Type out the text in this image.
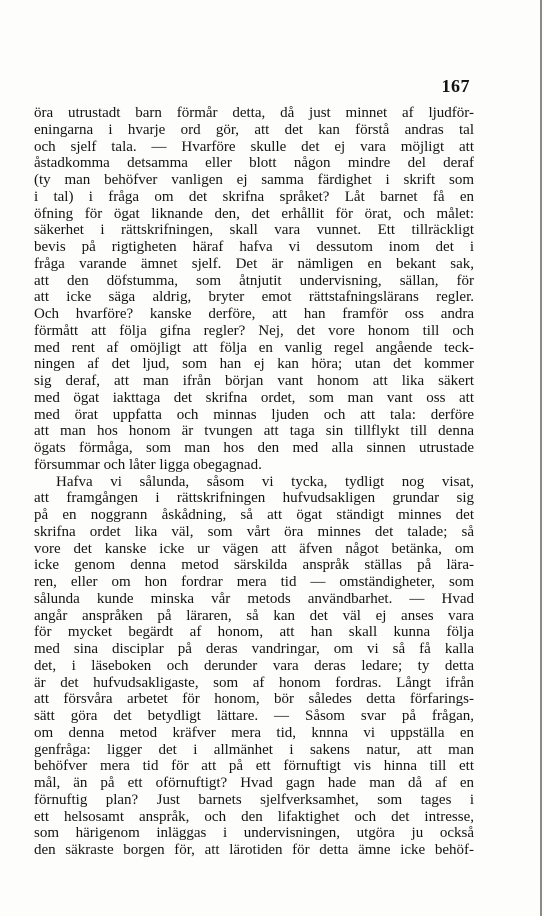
167
öra utrustadt barn förmår detta, då just minnet af ljudför-
eningarna i hvarje ord gör, att det kan förstå andras tal
och sjelf tala. — Hvarföre skulle det ej vara möjligt att
åstadkomma detsamma eller blott någon mindre del deraf
(ty man behöfver vanligen ej samma färdighet i skrift som
i tal) i fråga om det skrifna språket? Låt barnet få en
öfning för ögat liknande den, det erhållit för örat, och målet:
säkerhet i rättskrifningen, skall vara vunnet. Ett tillräckligt
bevis på rigtigheten häraf hafva vi dessutom inom det i
fråga varande ämnet sjelf. Det är nämligen en bekant sak,
att den döfstumma, som åtnjutit undervisning, sällan, för
att icke säga aldrig, bryter emot rättstafningslärans regler.
Och hvarföre? kanske derföre, att han framför oss andra
förmått att följa gifna regler? Nej, det vore honom till och
med rent af omöjligt att följa en vanlig regel angående teck-
ningen af det ljud, som han ej kan höra; utan det kommer
sig deraf, att man ifrån början vant honom att lika säkert
med ögat iakttaga det skrifna ordet, som man vant oss att
med örat uppfatta och minnas ljuden och att tala: derföre
att man hos honom är tvungen att taga sin tillflykt till denna
ögats förmåga, som man hos den med alla sinnen utrustade
försummar och låter ligga obegagnad.
Hafva vi sålunda, såsom vi tycka, tydligt nog visat,
att framgången i rättskrifningen hufvudsakligen grundar sig
på en noggrann åskådning, så att ögat ständigt minnes det
skrifna ordet lika väl, som vårt öra minnes det talade; så
vore det kanske icke ur vägen att äfven något betänka, om
icke genom denna metod särskilda anspråk ställas på lära-
ren, eller om hon fordrar mera tid — omständigheter, som
sålunda kunde minska vår metods användbarhet. — Hvad
angår anspråken på läraren, så kan det väl ej anses vara
för mycket begärdt af honom, att han skall kunna följa
med sina disciplar på deras vandringar, om vi så få kalla
det, i läseboken och derunder vara deras ledare; ty detta
är det hufvudsakligaste, som af honom fordras. Långt ifrån
att försvåra arbetet för honom, bör således detta förfarings-
sätt göra det betydligt lättare. — Såsom svar på frågan,
om denna metod kräfver mera tid, knnna vi uppställa en
genfråga: ligger det i allmänhet i sakens natur, att man
behöfver mera tid för att på ett förnuftigt vis hinna till ett
mål, än på ett oförnuftigt? Hvad gagn hade man då af en
förnuftig plan? Just barnets sjelfverksamhet, som tages i
ett helsosamt anspråk, och den lifaktighet och det intresse,
som härigenom inläggas i undervisningen, utgöra ju också
den säkraste borgen för, att lärotiden för detta ämne icke behöf-
